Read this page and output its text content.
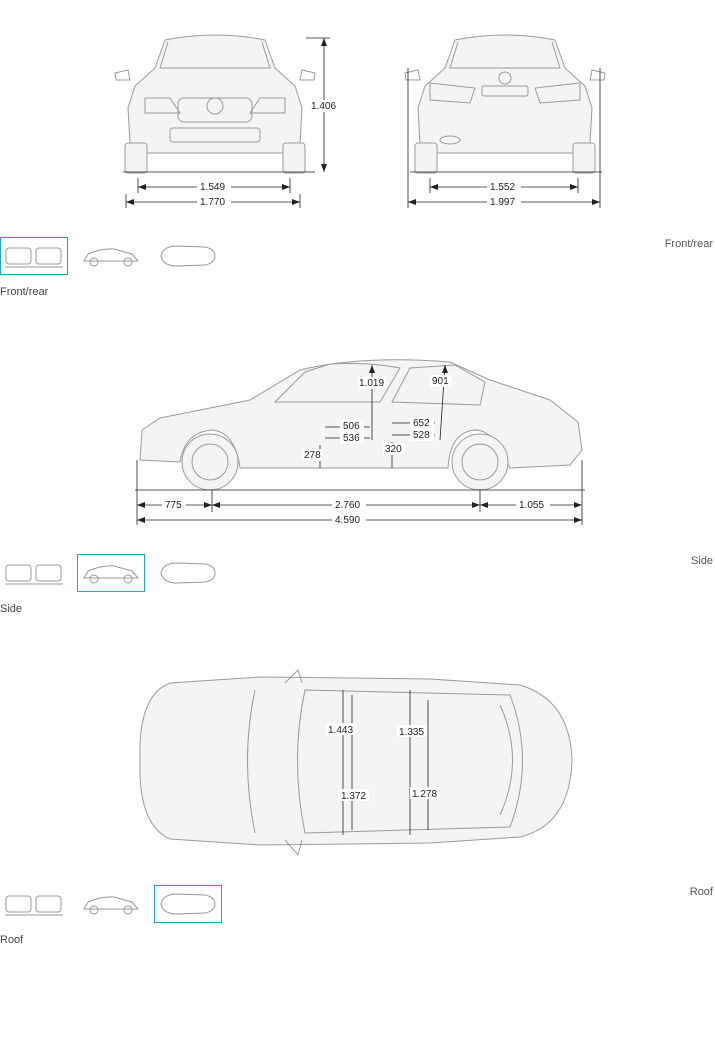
1.406
1.549
1.770
1.552
1.997
Front/rear
Front/rear
1.019	901
506
536
652
528
278
320
775	2.760	1.055
4.590
Side
Side
1.443	1.335
1.372	1.278
Roof
Roof
